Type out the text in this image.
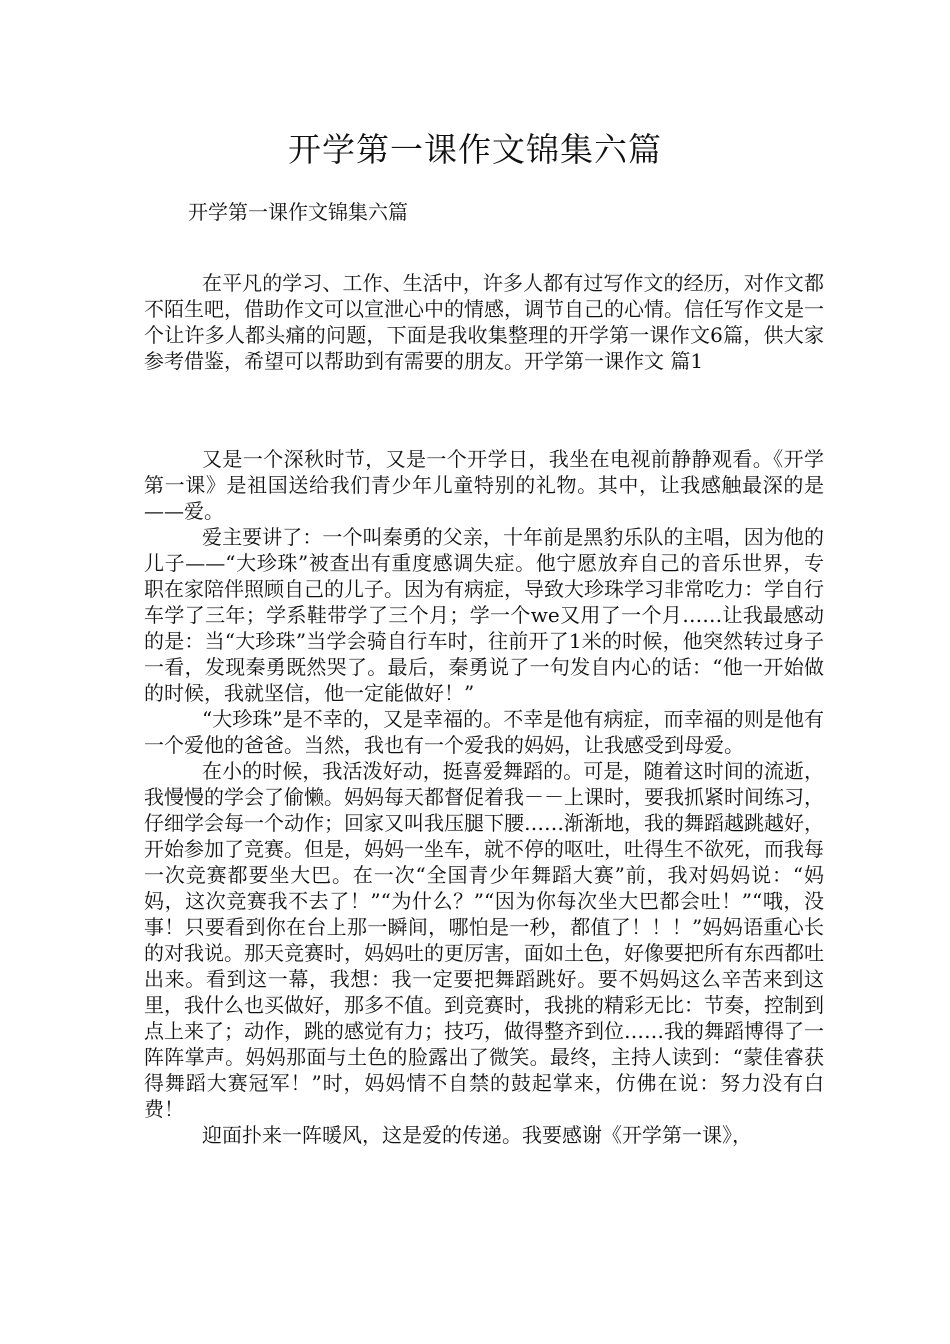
开学第一课作文锦集六篇
开学第一课作文锦集六篇

在平凡的学习、工作、生活中，许多人都有过写作文的经历，对作文都不陌生吧，借助作文可以宣泄心中的情感，调节自己的心情。信任写作文是一个让许多人都头痛的问题，下面是我收集整理的开学第一课作文6篇，供大家参考借鉴，希望可以帮助到有需要的朋友。开学第一课作文 篇1

又是一个深秋时节，又是一个开学日，我坐在电视前静静观看。《开学第一课》是祖国送给我们青少年儿童特别的礼物。其中，让我感触最深的是——爱。

爱主要讲了：一个叫秦勇的父亲，十年前是黑豹乐队的主唱，因为他的儿子——“大珍珠”被查出有重度感调失症。他宁愿放弃自己的音乐世界，专职在家陪伴照顾自己的儿子。因为有病症，导致大珍珠学习非常吃力：学自行车学了三年；学系鞋带学了三个月；学一个we又用了一个月……让我最感动的是：当“大珍珠”当学会骑自行车时，往前开了1米的时候，他突然转过身子一看，发现秦勇既然哭了。最后，秦勇说了一句发自内心的话：“他一开始做的时候，我就坚信，他一定能做好！”

“大珍珠”是不幸的，又是幸福的。不幸是他有病症，而幸福的则是他有一个爱他的爸爸。当然，我也有一个爱我的妈妈，让我感受到母爱。

在小的时候，我活泼好动，挺喜爱舞蹈的。可是，随着这时间的流逝，我慢慢的学会了偷懒。妈妈每天都督促着我－－上课时，要我抓紧时间练习，仔细学会每一个动作；回家又叫我压腿下腰……渐渐地，我的舞蹈越跳越好，开始参加了竞赛。但是，妈妈一坐车，就不停的呕吐，吐得生不欲死，而我每一次竞赛都要坐大巴。在一次“全国青少年舞蹈大赛”前，我对妈妈说：“妈妈，这次竞赛我不去了！”“为什么？”“因为你每次坐大巴都会吐！”“哦，没事！只要看到你在台上那一瞬间，哪怕是一秒，都值了！！！”妈妈语重心长的对我说。那天竞赛时，妈妈吐的更厉害，面如土色，好像要把所有东西都吐出来。看到这一幕，我想：我一定要把舞蹈跳好。要不妈妈这么辛苦来到这里，我什么也买做好，那多不值。到竞赛时，我挑的精彩无比：节奏，控制到点上来了；动作，跳的感觉有力；技巧，做得整齐到位……我的舞蹈博得了一阵阵掌声。妈妈那面与土色的脸露出了微笑。最终，主持人读到：“蒙佳睿获得舞蹈大赛冠军！”时，妈妈情不自禁的鼓起掌来，仿佛在说：努力没有白费！

迎面扑来一阵暖风，这是爱的传递。我要感谢《开学第一课》，
